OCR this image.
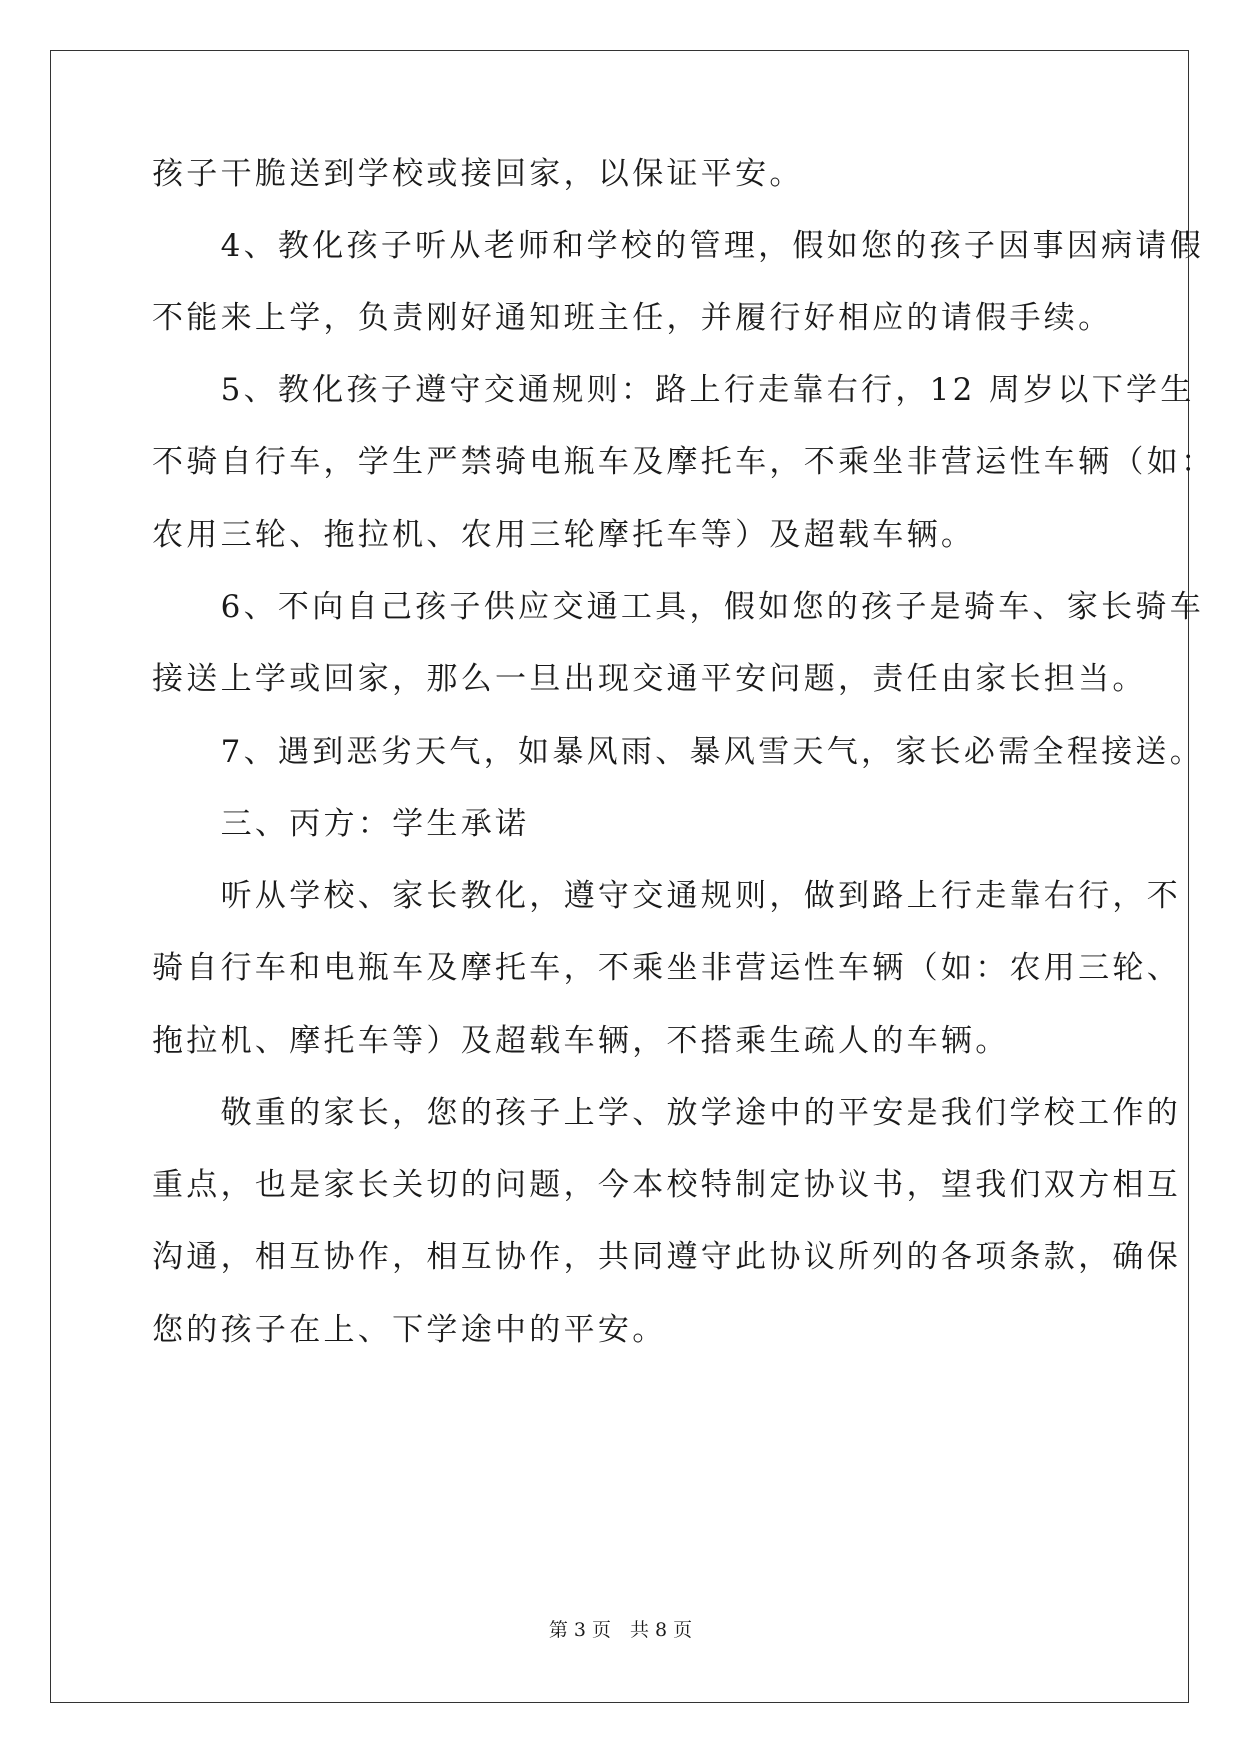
孩子干脆送到学校或接回家，以保证平安。
　　4、教化孩子听从老师和学校的管理，假如您的孩子因事因病请假
不能来上学，负责刚好通知班主任，并履行好相应的请假手续。
　　5、教化孩子遵守交通规则：路上行走靠右行，12 周岁以下学生
不骑自行车，学生严禁骑电瓶车及摩托车，不乘坐非营运性车辆（如：
农用三轮、拖拉机、农用三轮摩托车等）及超载车辆。
　　6、不向自己孩子供应交通工具，假如您的孩子是骑车、家长骑车
接送上学或回家，那么一旦出现交通平安问题，责任由家长担当。
　　7、遇到恶劣天气，如暴风雨、暴风雪天气，家长必需全程接送。
　　三、丙方：学生承诺
　　听从学校、家长教化，遵守交通规则，做到路上行走靠右行，不
骑自行车和电瓶车及摩托车，不乘坐非营运性车辆（如：农用三轮、
拖拉机、摩托车等）及超载车辆，不搭乘生疏人的车辆。
　　敬重的家长，您的孩子上学、放学途中的平安是我们学校工作的
重点，也是家长关切的问题，今本校特制定协议书，望我们双方相互
沟通，相互协作，相互协作，共同遵守此协议所列的各项条款，确保
您的孩子在上、下学途中的平安。
第 3 页　共 8 页
